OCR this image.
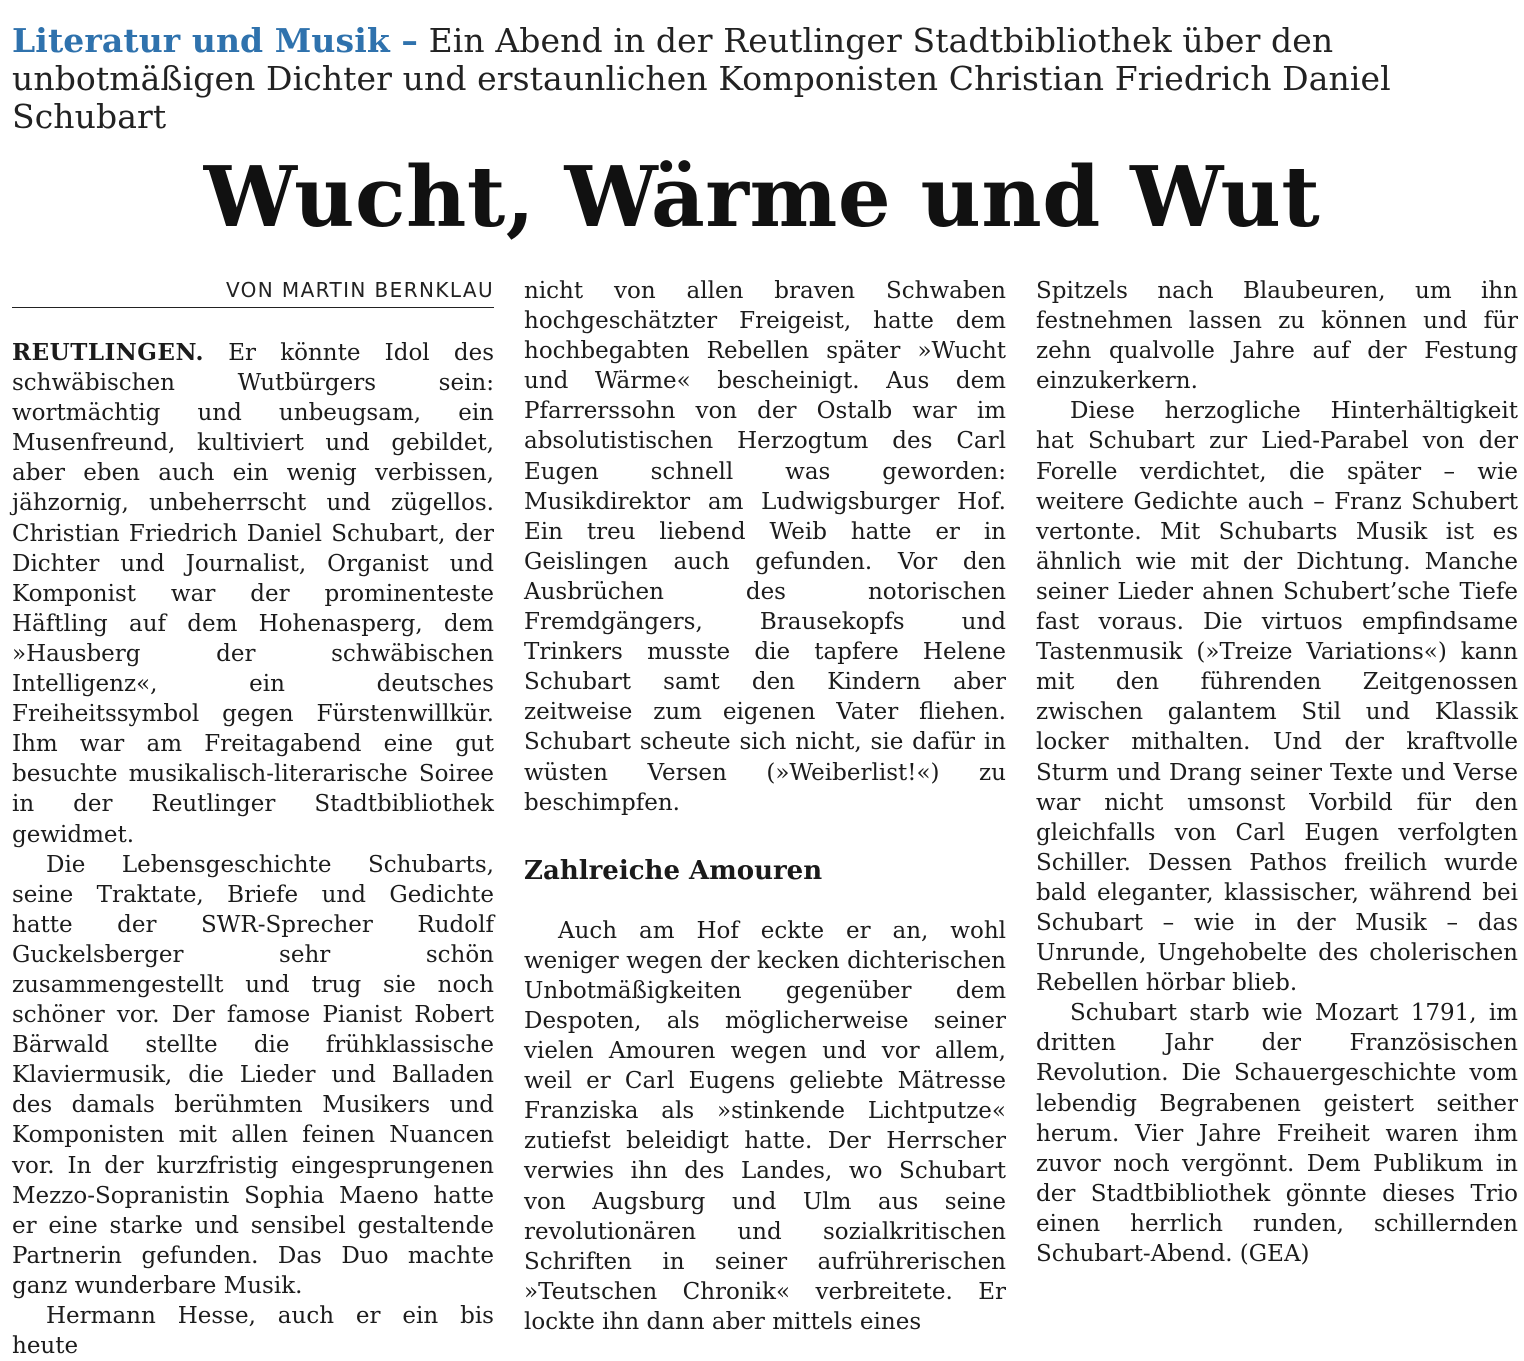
Literatur und Musik – Ein Abend in der Reutlinger Stadtbibliothek über den unbotmäßigen Dichter und erstaunlichen Komponisten Christian Friedrich Daniel Schubart
Wucht, Wärme und Wut
VON MARTIN BERNKLAU

REUTLINGEN. Er könnte Idol des schwäbischen Wutbürgers sein: wortmächtig und unbeugsam, ein Musenfreund, kultiviert und gebildet, aber eben auch ein wenig verbissen, jähzornig, unbeherrscht und zügellos. Christian Friedrich Daniel Schubart, der Dichter und Journalist, Organist und Komponist war der prominenteste Häftling auf dem Hohenasperg, dem »Hausberg der schwäbischen Intelligenz«, ein deutsches Freiheitssymbol gegen Fürstenwillkür. Ihm war am Freitagabend eine gut besuchte musikalisch-literarische Soiree in der Reutlinger Stadtbibliothek gewidmet.

Die Lebensgeschichte Schubarts, seine Traktate, Briefe und Gedichte hatte der SWR-Sprecher Rudolf Guckelsberger sehr schön zusammengestellt und trug sie noch schöner vor. Der famose Pianist Robert Bärwald stellte die frühklassische Klaviermusik, die Lieder und Balladen des damals berühmten Musikers und Komponisten mit allen feinen Nuancen vor. In der kurzfristig eingesprungenen Mezzo-Sopranistin Sophia Maeno hatte er eine starke und sensibel gestaltende Partnerin gefunden. Das Duo machte ganz wunderbare Musik.

Hermann Hesse, auch er ein bis heute

nicht von allen braven Schwaben hochgeschätzter Freigeist, hatte dem hochbegabten Rebellen später »Wucht und Wärme« bescheinigt. Aus dem Pfarrerssohn von der Ostalb war im absolutistischen Herzogtum des Carl Eugen schnell was geworden: Musikdirektor am Ludwigsburger Hof. Ein treu liebend Weib hatte er in Geislingen auch gefunden. Vor den Ausbrüchen des notorischen Fremdgängers, Brausekopfs und Trinkers musste die tapfere Helene Schubart samt den Kindern aber zeitweise zum eigenen Vater fliehen. Schubart scheute sich nicht, sie dafür in wüsten Versen (»Weiberlist!«) zu beschimpfen.

Zahlreiche Amouren

Auch am Hof eckte er an, wohl weniger wegen der kecken dichterischen Unbotmäßigkeiten gegenüber dem Despoten, als möglicherweise seiner vielen Amouren wegen und vor allem, weil er Carl Eugens geliebte Mätresse Franziska als »stinkende Lichtputze« zutiefst beleidigt hatte. Der Herrscher verwies ihn des Landes, wo Schubart von Augsburg und Ulm aus seine revolutionären und sozialkritischen Schriften in seiner aufrührerischen »Teutschen Chronik« verbreitete. Er lockte ihn dann aber mittels eines

Spitzels nach Blaubeuren, um ihn festnehmen lassen zu können und für zehn qualvolle Jahre auf der Festung einzukerkern.

Diese herzogliche Hinterhältigkeit hat Schubart zur Lied-Parabel von der Forelle verdichtet, die später – wie weitere Gedichte auch – Franz Schubert vertonte. Mit Schubarts Musik ist es ähnlich wie mit der Dichtung. Manche seiner Lieder ahnen Schubert’sche Tiefe fast voraus. Die virtuos empfindsame Tastenmusik (»Treize Variations«) kann mit den führenden Zeitgenossen zwischen galantem Stil und Klassik locker mithalten. Und der kraftvolle Sturm und Drang seiner Texte und Verse war nicht umsonst Vorbild für den gleichfalls von Carl Eugen verfolgten Schiller. Dessen Pathos freilich wurde bald eleganter, klassischer, während bei Schubart – wie in der Musik – das Unrunde, Ungehobelte des cholerischen Rebellen hörbar blieb.

Schubart starb wie Mozart 1791, im dritten Jahr der Französischen Revolution. Die Schauergeschichte vom lebendig Begrabenen geistert seither herum. Vier Jahre Freiheit waren ihm zuvor noch vergönnt. Dem Publikum in der Stadtbibliothek gönnte dieses Trio einen herrlich runden, schillernden Schubart-Abend. (GEA)
